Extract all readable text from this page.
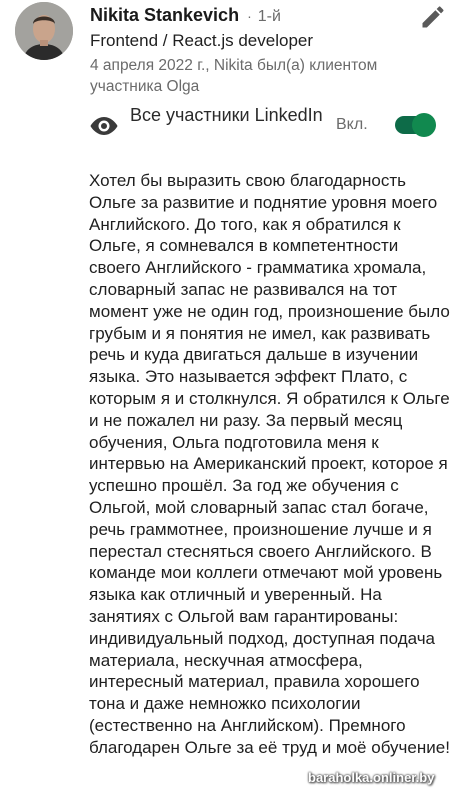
Nikita Stankevich · 1-й
Frontend / React.js developer
4 апреля 2022 г., Nikita был(а) клиентом участника Olga
Все участники LinkedIn Вкл.

Хотел бы выразить свою благодарность Ольге за развитие и поднятие уровня моего Английского. До того, как я обратился к Ольге, я сомневался в компетентности своего Английского - грамматика хромала, словарный запас не развивался на тот момент уже не один год, произношение было грубым и я понятия не имел, как развивать речь и куда двигаться дальше в изучении языка. Это называется эффект Плато, с которым я и столкнулся. Я обратился к Ольге и не пожалел ни разу. За первый месяц обучения, Ольга подготовила меня к интервью на Американский проект, которое я успешно прошёл. За год же обучения с Ольгой, мой словарный запас стал богаче, речь граммотнее, произношение лучше и я перестал стесняться своего Английского. В команде мои коллеги отмечают мой уровень языка как отличный и уверенный. На занятиях с Ольгой вам гарантированы: индивидуальный подход, доступная подача материала, нескучная атмосфера, интересный материал, правила хорошего тона и даже немножко психологии (естественно на Английском). Премного благодарен Ольге за её труд и моё обучение!

baraholka.onliner.by
